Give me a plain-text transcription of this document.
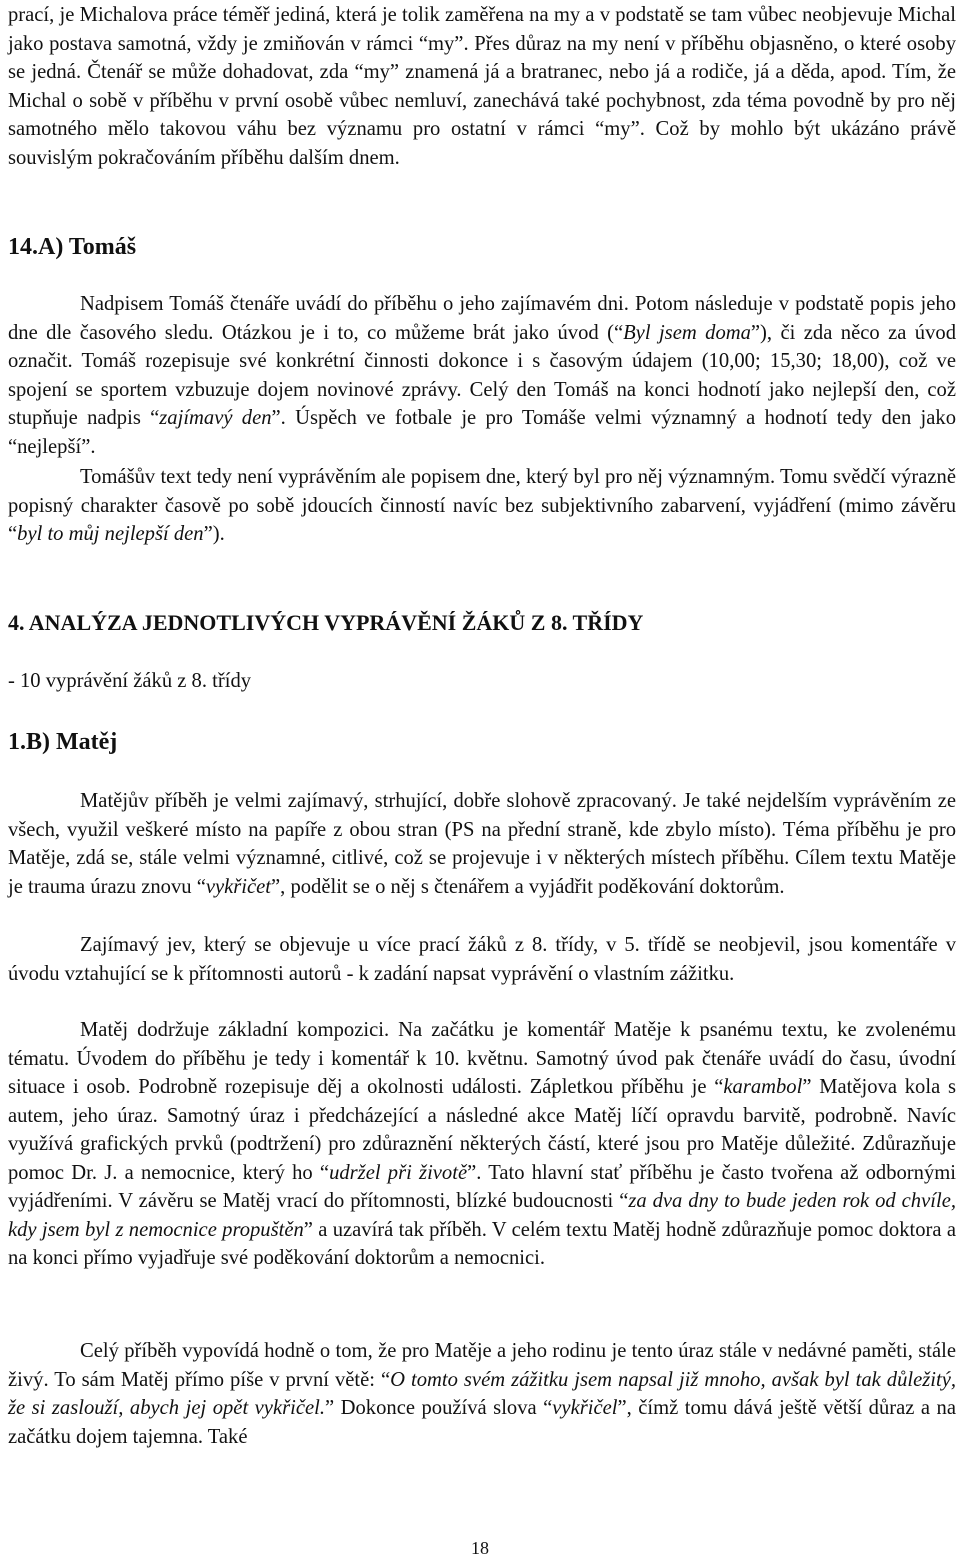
prací, je Michalova práce téměř jediná, která je tolik zaměřena na my a v podstatě se tam vůbec neobjevuje Michal jako postava samotná, vždy je zmiňován v rámci “my”. Přes důraz na my není v příběhu objasněno, o které osoby se jedná. Čtenář se může dohadovat, zda “my” znamená já a bratranec, nebo já a rodiče, já a děda, apod. Tím, že Michal o sobě v příběhu v první osobě vůbec nemluví, zanechává také pochybnost, zda téma povodně by pro něj samotného mělo takovou váhu bez významu pro ostatní v rámci “my”. Což by mohlo být ukázáno právě souvislým pokračováním příběhu dalším dnem.

14.A) Tomáš

Nadpisem Tomáš čtenáře uvádí do příběhu o jeho zajímavém dni. Potom následuje v podstatě popis jeho dne dle časového sledu. Otázkou je i to, co můžeme brát jako úvod (“Byl jsem doma”), či zda něco za úvod označit. Tomáš rozepisuje své konkrétní činnosti dokonce i s časovým údajem (10,00; 15,30; 18,00), což ve spojení se sportem vzbuzuje dojem novinové zprávy. Celý den Tomáš na konci hodnotí jako nejlepší den, což stupňuje nadpis “zajímavý den”. Úspěch ve fotbale je pro Tomáše velmi významný a hodnotí tedy den jako “nejlepší”.

Tomášův text tedy není vyprávěním ale popisem dne, který byl pro něj významným. Tomu svědčí výrazně popisný charakter časově po sobě jdoucích činností navíc bez subjektivního zabarvení, vyjádření (mimo závěru “byl to můj nejlepší den”).

4. ANALÝZA JEDNOTLIVÝCH VYPRÁVĚNÍ ŽÁKŮ Z 8. TŘÍDY
- 10 vyprávění žáků z 8. třídy
1.B) Matěj

Matějův příběh je velmi zajímavý, strhující, dobře slohově zpracovaný. Je také nejdelším vyprávěním ze všech, využil veškeré místo na papíře z obou stran (PS na přední straně, kde zbylo místo). Téma příběhu je pro Matěje, zdá se, stále velmi významné, citlivé, což se projevuje i v některých místech příběhu. Cílem textu Matěje je trauma úrazu znovu “vykřičet”, podělit se o něj s čtenářem a vyjádřit poděkování doktorům.

Zajímavý jev, který se objevuje u více prací žáků z 8. třídy, v 5. třídě se neobjevil, jsou komentáře v úvodu vztahující se k přítomnosti autorů - k zadání napsat vyprávění o vlastním zážitku.

Matěj dodržuje základní kompozici. Na začátku je komentář Matěje k psanému textu, ke zvolenému tématu. Úvodem do příběhu je tedy i komentář k 10. květnu. Samotný úvod pak čtenáře uvádí do času, úvodní situace i osob. Podrobně rozepisuje děj a okolnosti události. Zápletkou příběhu je “karambol” Matějova kola s autem, jeho úraz. Samotný úraz i předcházející a následné akce Matěj líčí opravdu barvitě, podrobně. Navíc využívá grafických prvků (podtržení) pro zdůraznění některých částí, které jsou pro Matěje důležité. Zdůrazňuje pomoc Dr. J. a nemocnice, který ho “udržel při životě”. Tato hlavní stať příběhu je často tvořena až odbornými vyjádřeními. V závěru se Matěj vrací do přítomnosti, blízké budoucnosti “za dva dny to bude jeden rok od chvíle, kdy jsem byl z nemocnice propuštěn” a uzavírá tak příběh. V celém textu Matěj hodně zdůrazňuje pomoc doktora a na konci přímo vyjadřuje své poděkování doktorům a nemocnici.

Celý příběh vypovídá hodně o tom, že pro Matěje a jeho rodinu je tento úraz stále v nedávné paměti, stále živý. To sám Matěj přímo píše v první větě: “O tomto svém zážitku jsem napsal již mnoho, avšak byl tak důležitý, že si zaslouží, abych jej opět vykřičel.” Dokonce používá slova “vykřičel”, čímž tomu dává ještě větší důraz a na začátku dojem tajemna. Také

18
